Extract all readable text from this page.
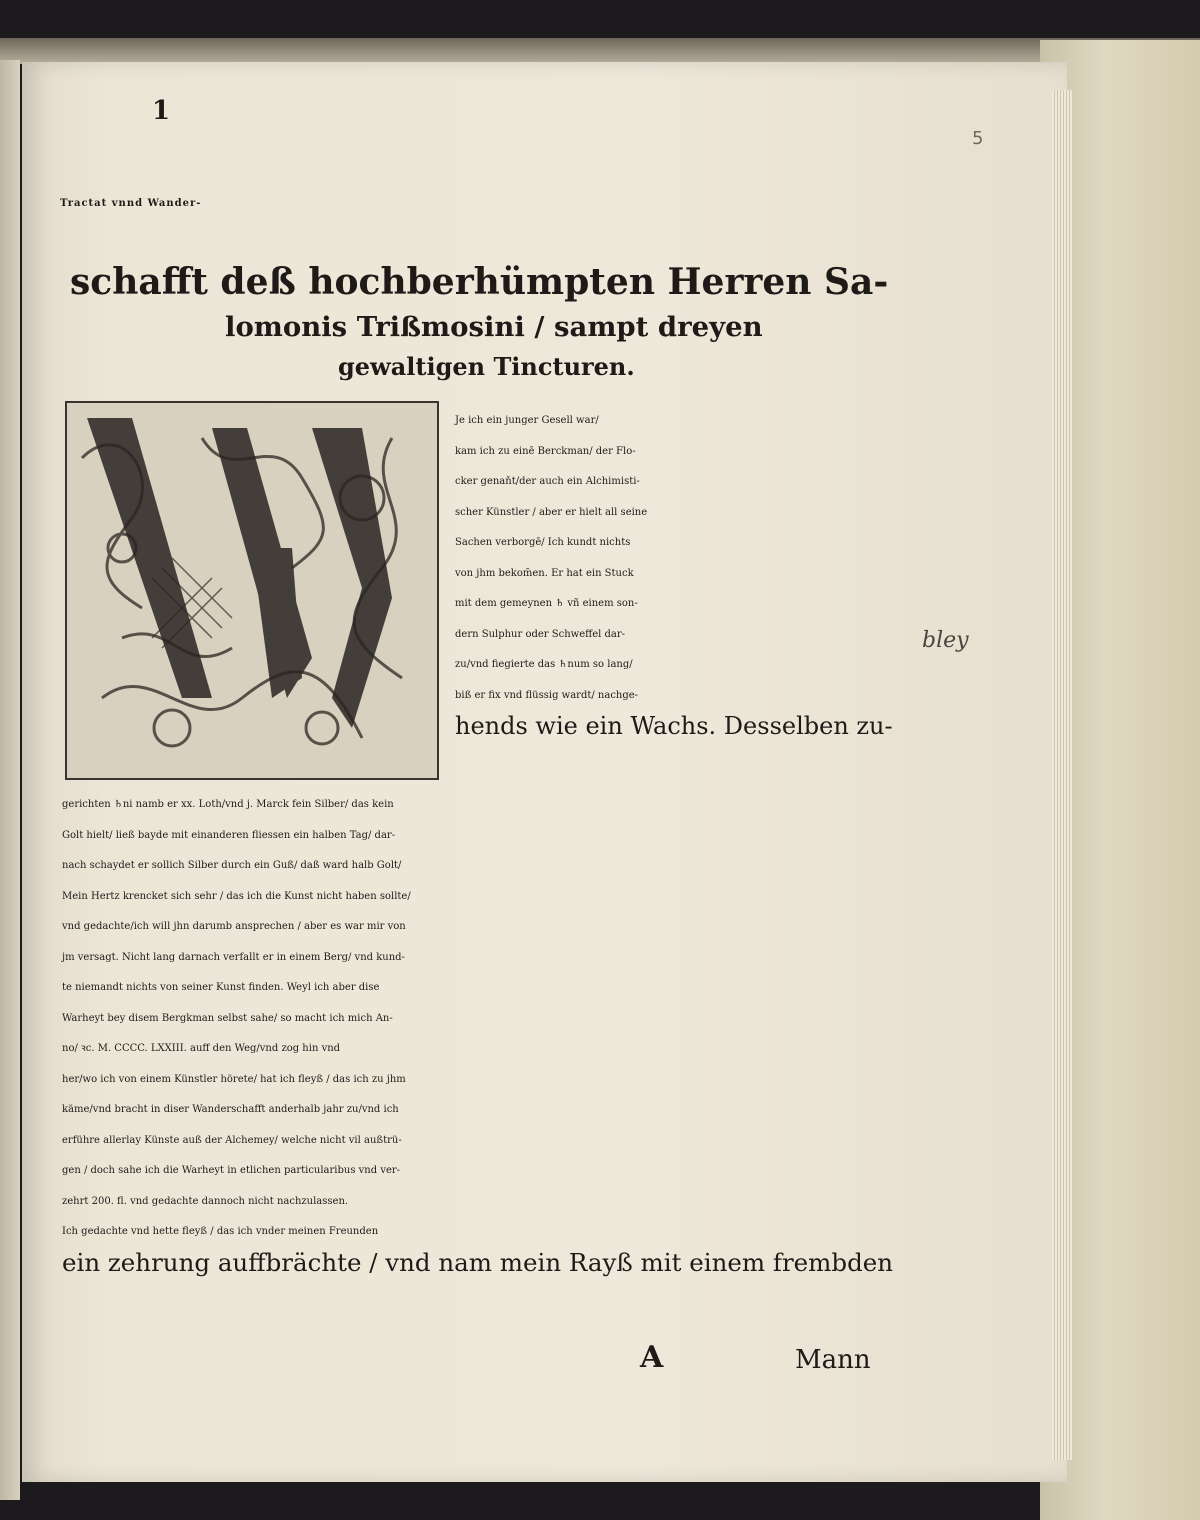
1

5

Tractat vnnd Wander-
schafft deß hochberhümpten Herren Sa-
lomonis Trißmosini / sampt dreyen
gewaltigen Tincturen.

Je ich ein junger Gesell war/
kam ich zu einē Berckman/ der Flo-
cker genaňt/der auch ein Alchimisti-
scher Künstler / aber er hielt all seine
Sachen verborgē/ Ich kundt nichts
von jhm bekom̄en. Er hat ein Stuck
mit dem gemeynen ♄ vñ einem son-
dern Sulphur oder Schweffel dar-
zu/vnd fiegierte das ♄num so lang/
biß er fix vnd flüssig wardt/ nachge-
hends wie ein Wachs. Desselben zu-
gerichten ♄ni namb er xx. Loth/vnd j. Marck fein Silber/ das kein
Golt hielt/ ließ bayde mit einanderen fliessen ein halben Tag/ dar-
nach schaydet er sollich Silber durch ein Guß/ daß ward halb Golt/
Mein Hertz krencket sich sehr / das ich die Kunst nicht haben sollte/
vnd gedachte/ich will jhn darumb ansprechen / aber es war mir von
jm versagt. Nicht lang darnach verfallt er in einem Berg/ vnd kund-
te niemandt nichts von seiner Kunst finden. Weyl ich aber dise
Warheyt bey disem Bergkman selbst sahe/ so macht ich mich An-
no/ ꝛc. M. CCCC. LXXIII. auff den Weg/vnd zog hin vnd
her/wo ich von einem Künstler hörete/ hat ich fleyß / das ich zu jhm
käme/vnd bracht in diser Wanderschafft anderhalb jahr zu/vnd ich
erführe allerlay Künste auß der Alchemey/ welche nicht vil außtrü-
gen / doch sahe ich die Warheyt in etlichen particularibus vnd ver-
zehrt 200. fl. vnd gedachte dannoch nicht nachzulassen.
Ich gedachte vnd hette fleyß / das ich vnder meinen Freunden
ein zehrung auffbrächte / vnd nam mein Rayß mit einem frembden

A	Mann

bley
